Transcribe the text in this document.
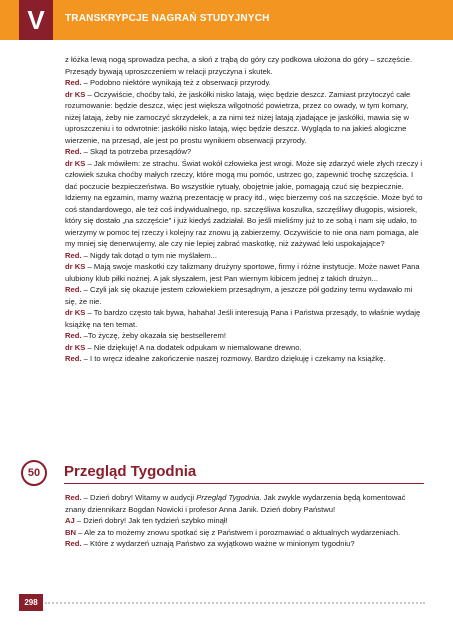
V TRANSKRYPCJE NAGRAŃ STUDYJNYCH

z łóżka lewą nogą sprowadza pecha, a słoń z trąbą do góry czy podkowa ułożona do góry – szczęście. Przesądy bywają uproszczeniem w relacji przyczyna i skutek.

Red. – Podobno niektóre wynikają też z obserwacji przyrody.

dr KS – Oczywiście, choćby taki, że jaskółki nisko latają, więc będzie deszcz. Zamiast przytoczyć całe rozumowanie: będzie deszcz, więc jest większa wilgotność powietrza, przez co owady, w tym komary, niżej latają, żeby nie zamoczyć skrzydełek, a za nimi też niżej latają zjadające je jaskółki, mawia się w uproszczeniu i to odwrotnie: jaskółki nisko latają, więc będzie deszcz. Wygląda to na jakieś alogiczne wierzenie, na przesąd, ale jest po prostu wynikiem obserwacji przyrody.

Red. – Skąd ta potrzeba przesądów?

dr KS – Jak mówiłem: ze strachu. Świat wokół człowieka jest wrogi. Może się zdarzyć wiele złych rzeczy i człowiek szuka choćby małych rzeczy, które mogą mu pomóc, ustrzec go, zapewnić trochę szczęścia. I dać poczucie bezpieczeństwa. Bo wszystkie rytuały, obojętnie jakie, pomagają czuć się bezpiecznie. Idziemy na egzamin, mamy ważną prezentację w pracy itd., więc bierzemy coś na szczęście. Może być to coś standardowego, ale też coś indywidualnego, np. szczęśliwa koszulka, szczęśliwy długopis, wisiorek, który się dostało „na szczęście" i już kiedyś zadziałał. Bo jeśli mieliśmy już to ze sobą i nam się udało, to wierzymy w pomoc tej rzeczy i kolejny raz znowu ją zabierzemy. Oczywiście to nie ona nam pomaga, ale my mniej się denerwujemy, ale czy nie lepiej zabrać maskotkę, niż zażywać leki uspokajające?

Red. – Nigdy tak dotąd o tym nie myślałem...

dr KS – Mają swoje maskotki czy talizmany drużyny sportowe, firmy i różne instytucje. Może nawet Pana ulubiony klub piłki nożnej. A jak słyszałem, jest Pan wiernym kibicem jednej z takich drużyn...

Red. – Czyli jak się okazuje jestem człowiekiem przesądnym, a jeszcze pół godziny temu wydawało mi się, że nie.

dr KS – To bardzo często tak bywa, hahaha! Jeśli interesują Pana i Państwa przesądy, to właśnie wydaję książkę na ten temat.

Red. –To życzę, żeby okazała się bestsellerem!

dr KS – Nie dziękuję! A na dodatek odpukam w niemalowane drewno.

Red. – I to wręcz idealne zakończenie naszej rozmowy. Bardzo dziękuję i czekamy na książkę.

50	Przegląd Tygodnia

Red. – Dzień dobry! Witamy w audycji Przegląd Tygodnia. Jak zwykle wydarzenia będą komentować znany dziennikarz Bogdan Nowicki i profesor Anna Janik. Dzień dobry Państwu!

AJ – Dzień dobry! Jak ten tydzień szybko minął!

BN – Ale za to możemy znowu spotkać się z Państwem i porozmawiać o aktualnych wydarzeniach.

Red. – Które z wydarzeń uznają Państwo za wyjątkowo ważne w minionym tygodniu?

298
